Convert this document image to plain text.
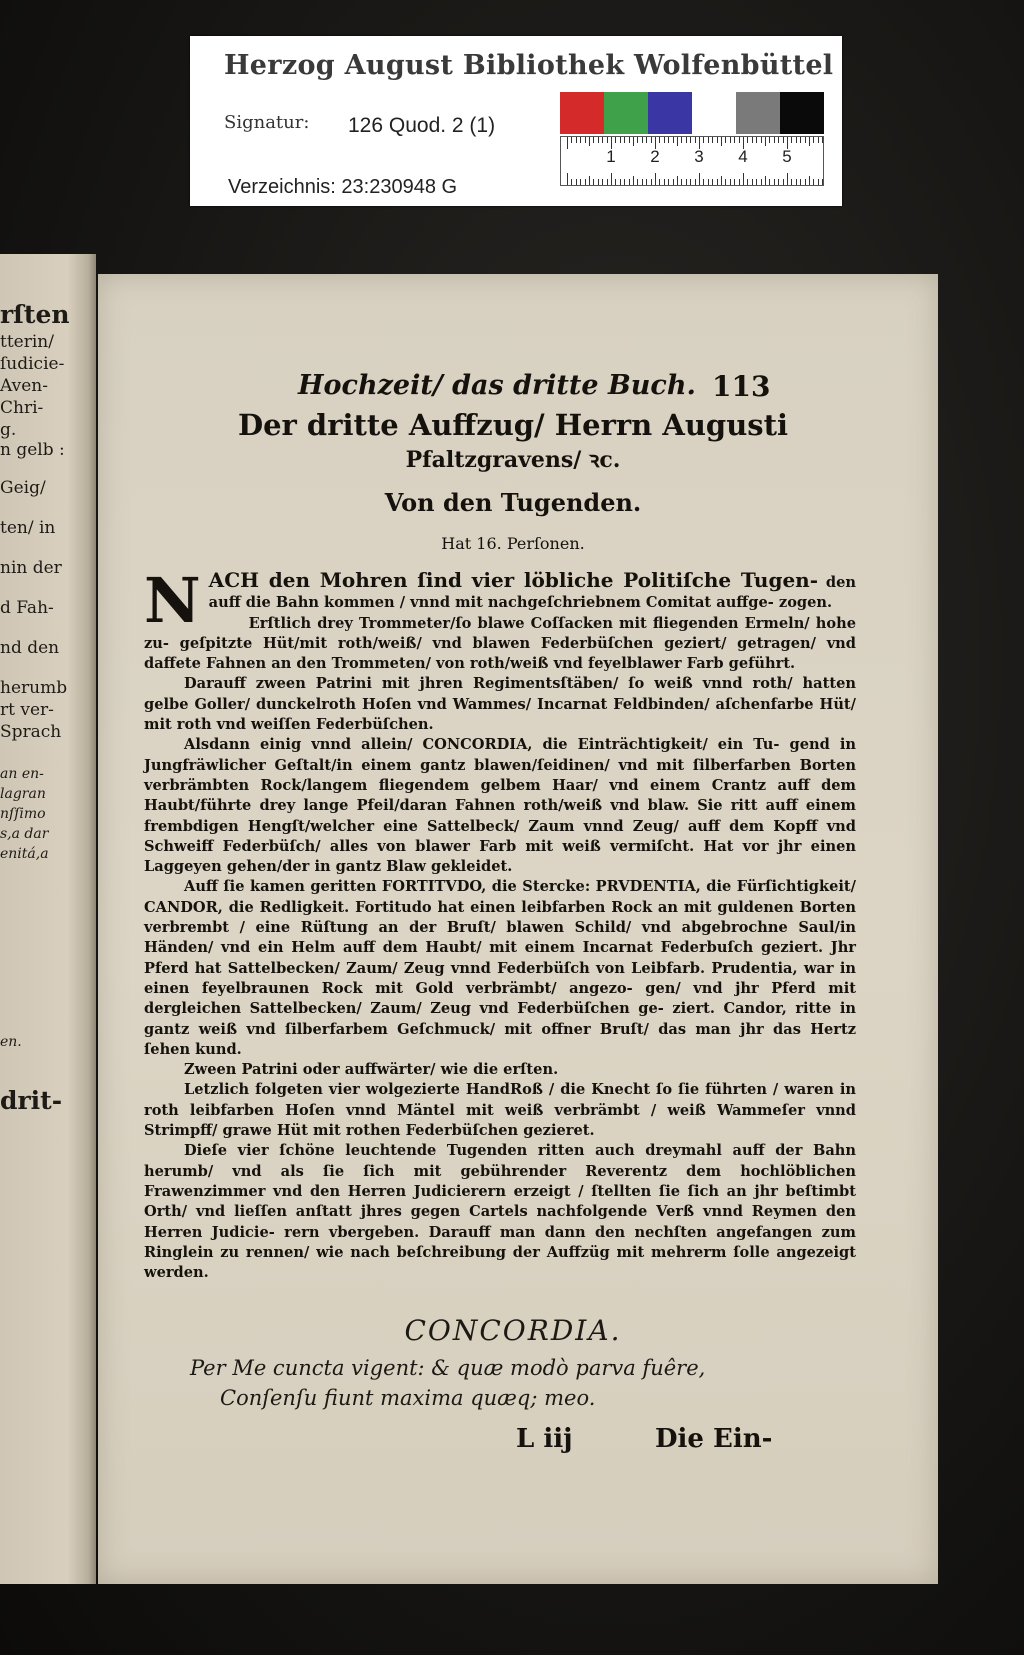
Herzog August Bibliothek Wolfenbüttel
Signatur: 126 Quod. 2 (1)
Verzeichnis: 23:230948 G
1 2 3 4 5
rſten
tterin/
ſudicie-
Aven-
Chri-
g.
n gelb :
Geig/
ten/ in
nin der
d Fah-
nd den
herumb
rt ver-
Sprach
an en-
lagran
nſſimo
s,a dar
enitá,a
en.
drit-
Hochzeit/ das dritte Buch. 113
Der dritte Auffzug/ Herrn Augusti
Pfaltzgravens/ ꝛc.
Von den Tugenden.
Hat 16. Perſonen.

NACH den Mohren ſind vier löbliche Politiſche Tugen- den auff die Bahn kommen / vnnd mit nachgeſchriebnem Comitat auffge- zogen.

Erſtlich drey Trommeter/ſo blawe Coſſacken mit fliegenden Ermeln/ hohe zu- geſpitzte Hüt/mit roth/weiß/ vnd blawen Federbüſchen geziert/ getragen/ vnd daffete Fahnen an den Trommeten/ von roth/weiß vnd feyelblawer Farb geführt.

Darauff zween Patrini mit jhren Regimentsſtäben/ ſo weiß vnnd roth/ hatten gelbe Goller/ dunckelroth Hoſen vnd Wammes/ Incarnat Feldbinden/ aſchenfarbe Hüt/ mit roth vnd weiſſen Federbüſchen.

Alsdann einig vnnd allein/ CONCORDIA, die Einträchtigkeit/ ein Tu- gend in Jungfräwlicher Geſtalt/in einem gantz blawen/ſeidinen/ vnd mit ſilberfarben Borten verbrämbten Rock/langem fliegendem gelbem Haar/ vnd einem Crantz auff dem Haubt/führte drey lange Pfeil/daran Fahnen roth/weiß vnd blaw. Sie ritt auff einem frembdigen Hengſt/welcher eine Sattelbeck/ Zaum vnnd Zeug/ auff dem Kopff vnd Schweiff Federbüſch/ alles von blawer Farb mit weiß vermiſcht. Hat vor jhr einen Laggeyen gehen/der in gantz Blaw gekleidet.

Auff ſie kamen geritten FORTITVDO, die Stercke: PRVDENTIA, die Fürſichtigkeit/ CANDOR, die Redligkeit. Fortitudo hat einen leibfarben Rock an mit guldenen Borten verbrembt / eine Rüſtung an der Bruſt/ blawen Schild/ vnd abgebrochne Saul/in Händen/ vnd ein Helm auff dem Haubt/ mit einem Incarnat Federbuſch geziert. Jhr Pferd hat Sattelbecken/ Zaum/ Zeug vnnd Federbüſch von Leibfarb. Prudentia, war in einen feyelbraunen Rock mit Gold verbrämbt/ angezo- gen/ vnd jhr Pferd mit dergleichen Sattelbecken/ Zaum/ Zeug vnd Federbüſchen ge- ziert. Candor, ritte in gantz weiß vnd ſilberfarbem Geſchmuck/ mit offner Bruſt/ das man jhr das Hertz ſehen kund.

Zween Patrini oder auffwärter/ wie die erſten.

Letzlich folgeten vier wolgezierte HandRoß / die Knecht ſo ſie führten / waren in roth leibfarben Hoſen vnnd Mäntel mit weiß verbrämbt / weiß Wammeſer vnnd Strimpff/ grawe Hüt mit rothen Federbüſchen gezieret.

Dieſe vier ſchöne leuchtende Tugenden ritten auch dreymahl auff der Bahn herumb/ vnd als ſie ſich mit gebührender Reverentz dem hochlöblichen Frawenzimmer vnd den Herren Judicierern erzeigt / ſtellten ſie ſich an jhr beſtimbt Orth/ vnd lieſſen anſtatt jhres gegen Cartels nachfolgende Verß vnnd Reymen den Herren Judicie- rern vbergeben. Darauff man dann den nechſten angefangen zum Ringlein zu rennen/ wie nach beſchreibung der Auffzüg mit mehrerm ſolle angezeigt werden.

CONCORDIA.
Per Me cuncta vigent: & quæ modò parva fuêre,
Conſenſu fiunt maxima quæq; meo.
L iij	Die Ein-
